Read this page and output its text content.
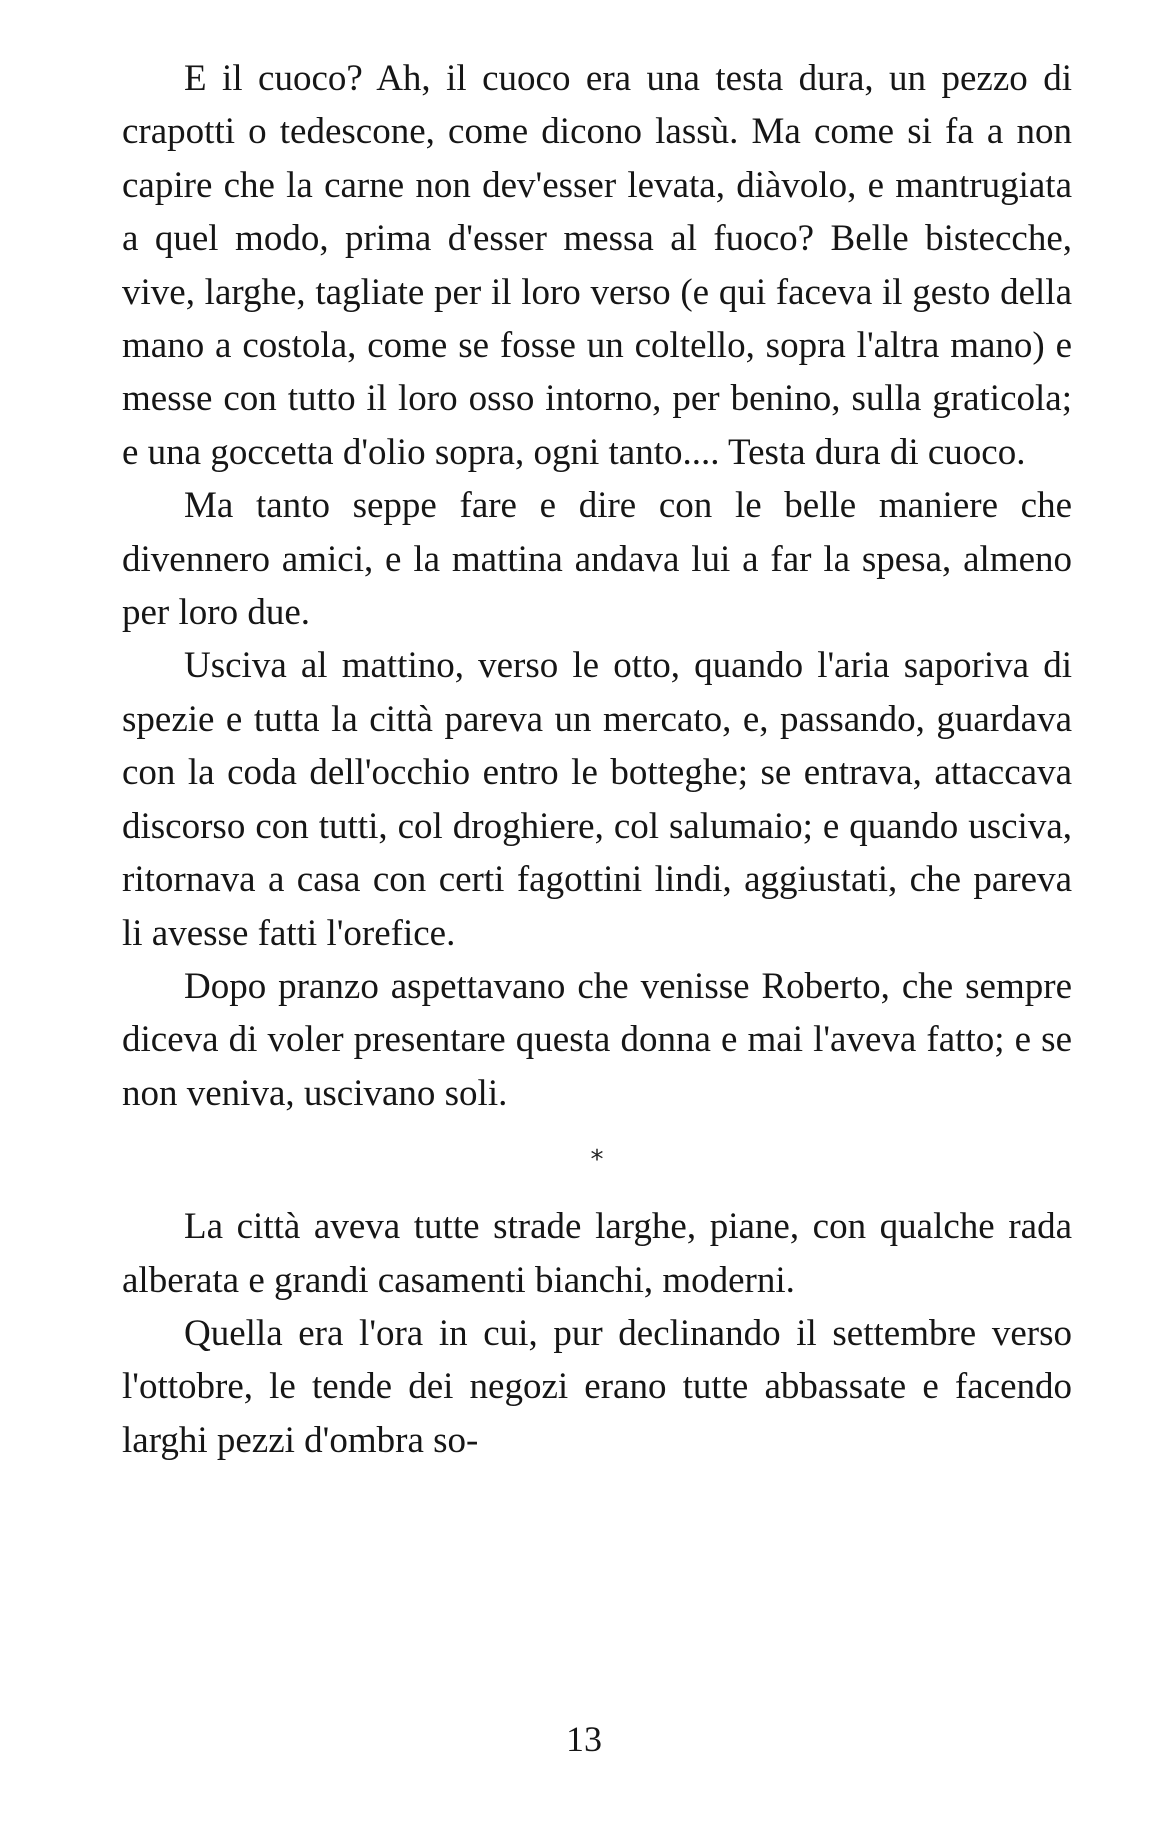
E il cuoco? Ah, il cuoco era una testa dura, un pezzo di crapotti o tedescone, come dicono lassù. Ma come si fa a non capire che la carne non dev'esser levata, diàvolo, e mantrugiata a quel modo, prima d'esser messa al fuoco? Belle bistecche, vive, larghe, tagliate per il loro verso (e qui faceva il gesto della mano a costola, come se fosse un coltello, sopra l'altra mano) e messe con tutto il loro osso intorno, per benino, sulla graticola; e una goccetta d'olio sopra, ogni tanto.... Testa dura di cuoco.

Ma tanto seppe fare e dire con le belle maniere che divennero amici, e la mattina andava lui a far la spesa, almeno per loro due.

Usciva al mattino, verso le otto, quando l'aria saporiva di spezie e tutta la città pareva un mercato, e, passando, guardava con la coda dell'occhio entro le botteghe; se entrava, attaccava discorso con tutti, col droghiere, col salumaio; e quando usciva, ritornava a casa con certi fagottini lindi, aggiustati, che pareva li avesse fatti l'orefice.

Dopo pranzo aspettavano che venisse Roberto, che sempre diceva di voler presentare questa donna e mai l'aveva fatto; e se non veniva, uscivano soli.

*

La città aveva tutte strade larghe, piane, con qualche rada alberata e grandi casamenti bianchi, moderni.

Quella era l'ora in cui, pur declinando il settembre verso l'ottobre, le tende dei negozi erano tutte abbassate e facendo larghi pezzi d'ombra so-

13
